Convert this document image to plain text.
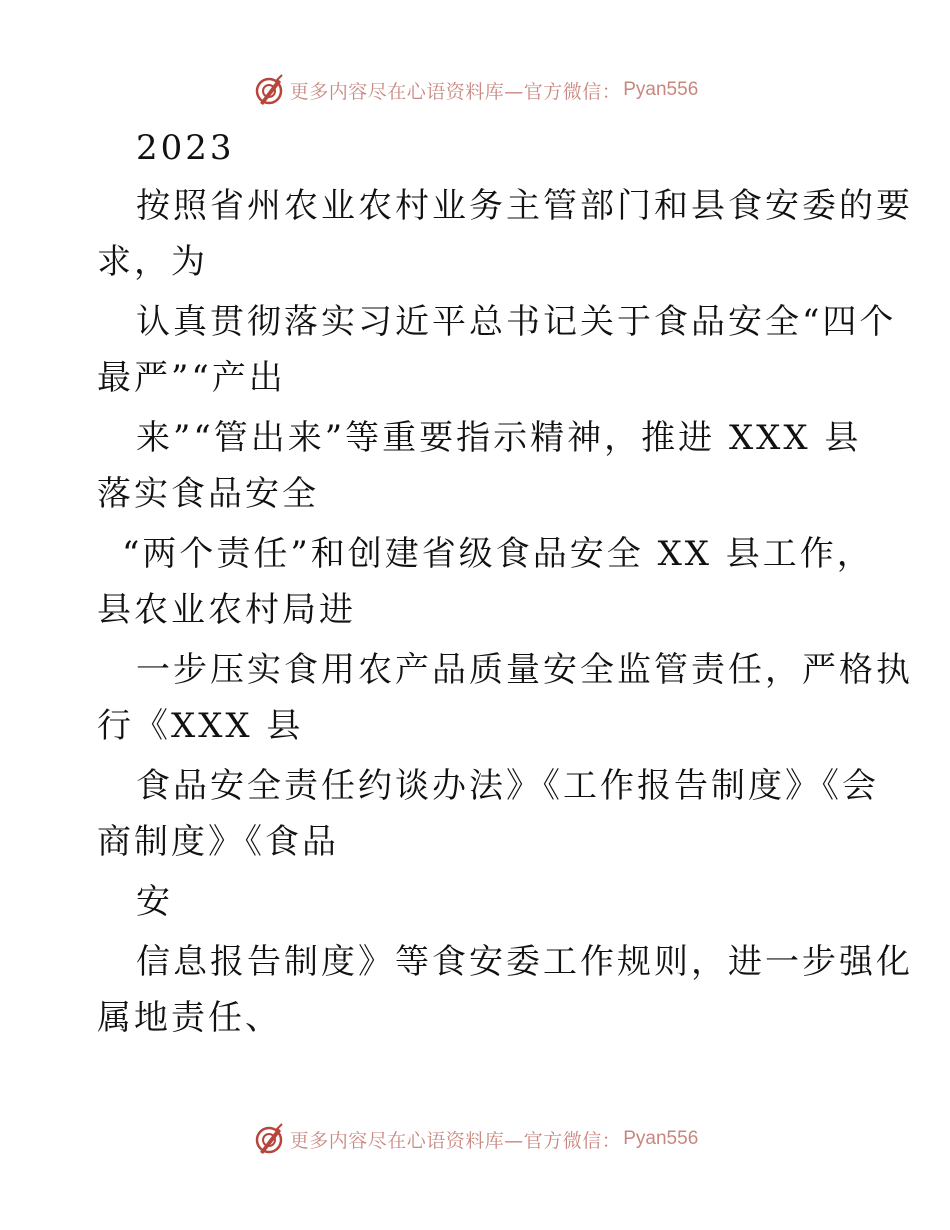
更多内容尽在心语资料库—官方微信： Pyan556
2023
按照省州农业农村业务主管部门和县食安委的要
求，为
认真贯彻落实习近平总书记关于食品安全“四个
最严”“产出
来”“管出来”等重要指示精神，推进 XXX 县
落实食品安全
“两个责任”和创建省级食品安全 XX 县工作，
县农业农村局进
一步压实食用农产品质量安全监管责任，严格执
行《XXX 县
食品安全责任约谈办法》《工作报告制度》《会
商制度》《食品
安
信息报告制度》等食安委工作规则，进一步强化
属地责任、
更多内容尽在心语资料库—官方微信： Pyan556
